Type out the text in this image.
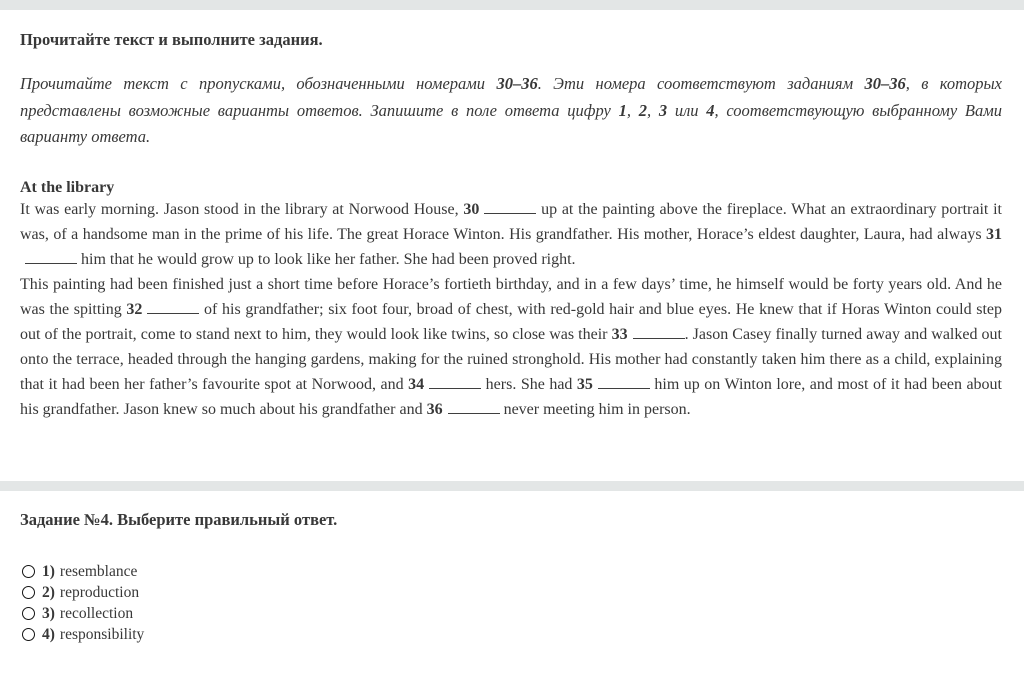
Прочитайте текст и выполните задания.

Прочитайте текст с пропусками, обозначенными номерами 30–36. Эти номера соответствуют заданиям 30–36, в которых представлены возможные варианты ответов. Запишите в поле ответа цифру 1, 2, 3 или 4, соответствующую выбранному Вами варианту ответа.

At the library

It was early morning. Jason stood in the library at Norwood House, 30	up at the painting above the fireplace. What an extraordinary portrait it was, of a handsome man in the prime of his life. The great Horace Winton. His grandfather. His mother, Horace’s eldest daughter, Laura, had always 31 him that he would grow up to look like her father. She had been proved right.

This painting had been finished just a short time before Horace’s fortieth birthday, and in a few days’ time, he himself would be forty years old. And he was the spitting 32	of his grandfather; six foot four, broad of chest, with red-gold hair and blue eyes. He knew that if Horas Winton could step out of the portrait, come to stand next to him, they would look like twins, so close was their 33	. Jason Casey finally turned away and walked out onto the terrace, headed through the hanging gardens, making for the ruined stronghold. His mother had constantly taken him there as a child, explaining that it had been her father’s favourite spot at Norwood, and 34	hers. She had 35	him up on Winton lore, and most of it had been about his grandfather. Jason knew so much about his grandfather and 36	never meeting him in person.

Задание №4. Выберите правильный ответ.
1) resemblance
2) reproduction
3) recollection
4) responsibility
